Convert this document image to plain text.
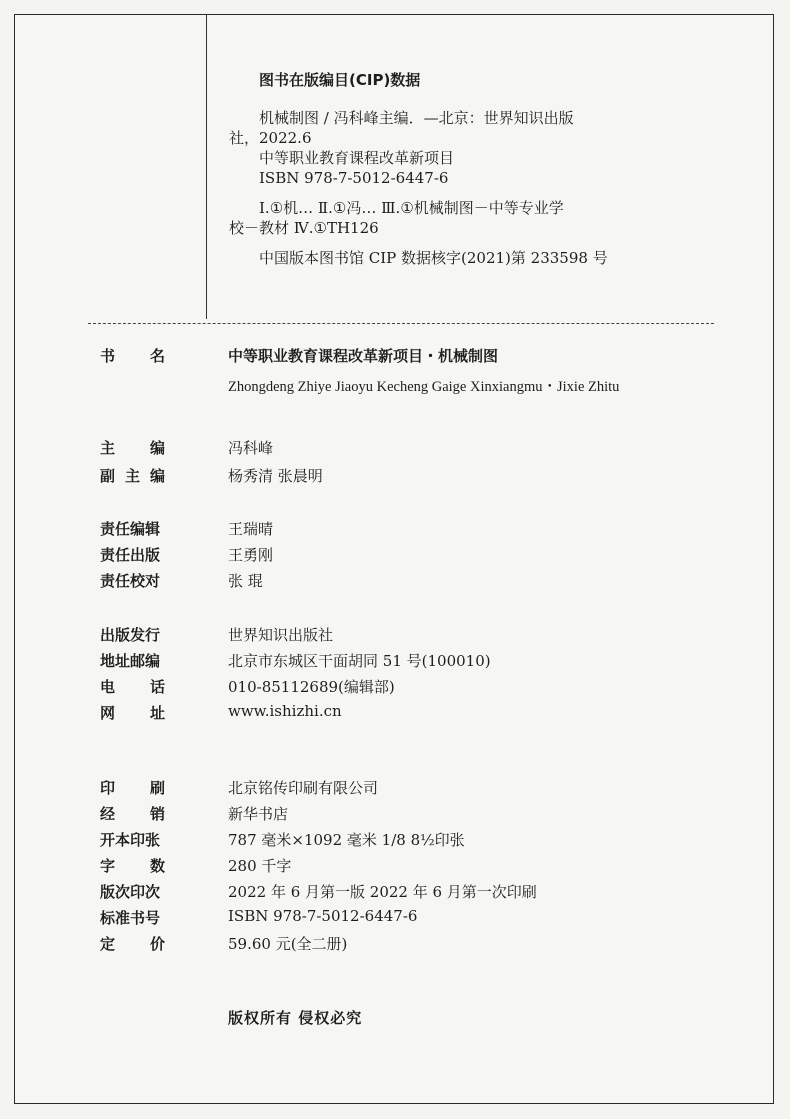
图书在版编目(CIP)数据
机械制图 / 冯科峰主编．—北京：世界知识出版
社，2022.6
中等职业教育课程改革新项目
ISBN 978-7-5012-6447-6
Ⅰ.①机… Ⅱ.①冯… Ⅲ.①机械制图－中等专业学
校－教材 Ⅳ.①TH126
中国版本图书馆 CIP 数据核字(2021)第 233598 号
书 名	中等职业教育课程改革新项目・机械制图
Zhongdeng Zhiye Jiaoyu Kecheng Gaige Xinxiangmu・Jixie Zhitu
主 编	冯科峰
副 主 编	杨秀清 张晨明
责任编辑	王瑞晴
责任出版	王勇刚
责任校对	张 琨
出版发行	世界知识出版社
地址邮编	北京市东城区干面胡同 51 号(100010)
电 话	010-85112689(编辑部)
网 址	www.ishizhi.cn
印 刷	北京铭传印刷有限公司
经 销	新华书店
开本印张	787 毫米×1092 毫米 1/8 8½印张
字 数	280 千字
版次印次	2022 年 6 月第一版 2022 年 6 月第一次印刷
标准书号	ISBN 978-7-5012-6447-6
定 价	59.60 元(全二册)
版权所有 侵权必究
